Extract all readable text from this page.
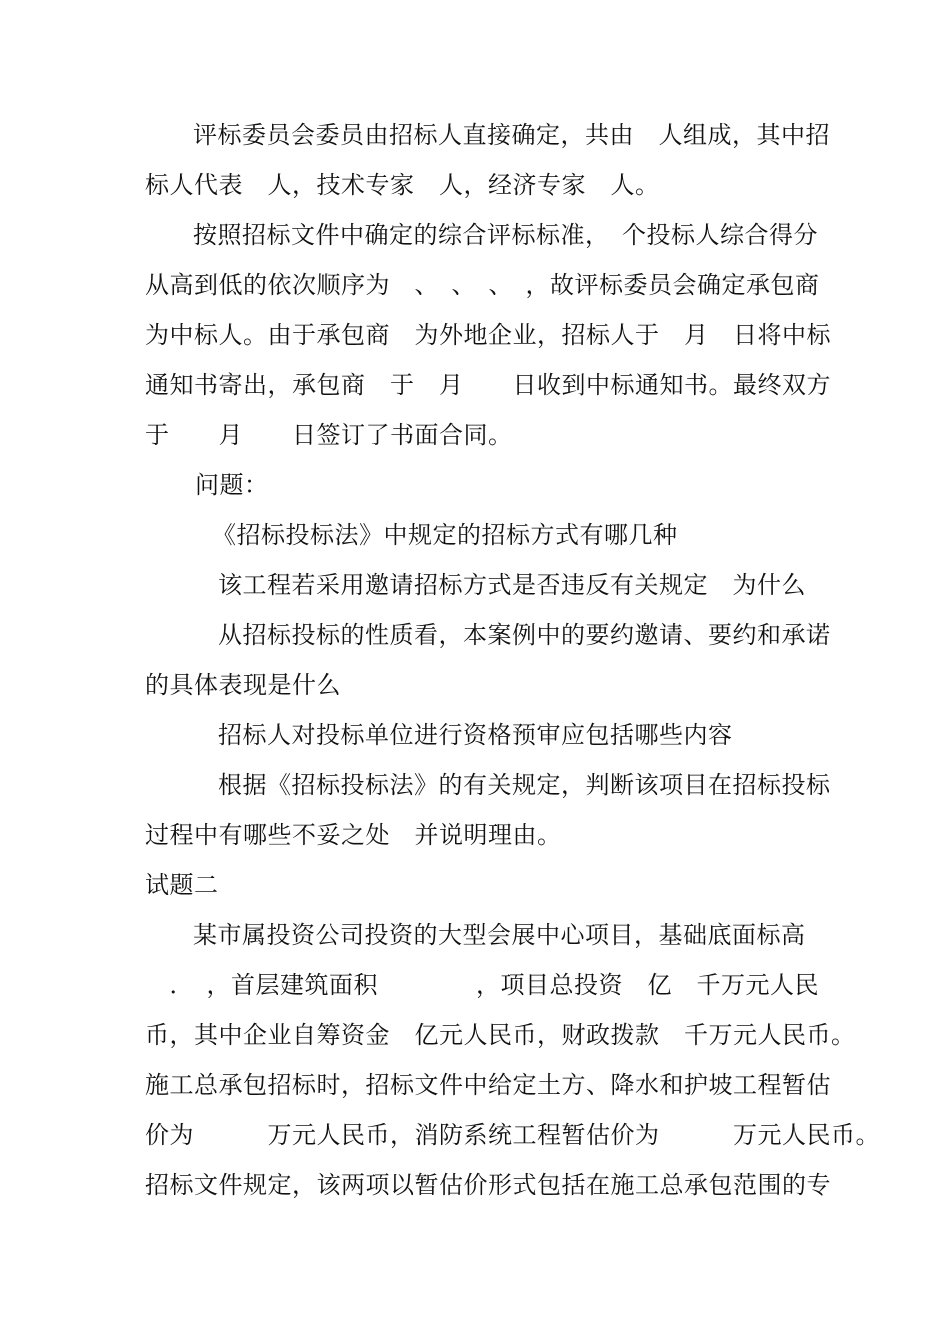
评标委员会委员由招标人直接确定，共由　人组成，其中招

标人代表　人，技术专家　人，经济专家　人。

按照招标文件中确定的综合评标标准，　个投标人综合得分

从高到低的依次顺序为　、　、　、　，故评标委员会确定承包商

为中标人。由于承包商　为外地企业，招标人于　月　日将中标

通知书寄出，承包商　于　月　　日收到中标通知书。最终双方

于　　月　　日签订了书面合同。

问题：

《招标投标法》中规定的招标方式有哪几种

该工程若采用邀请招标方式是否违反有关规定　为什么

从招标投标的性质看，本案例中的要约邀请、要约和承诺

的具体表现是什么

招标人对投标单位进行资格预审应包括哪些内容

根据《招标投标法》的有关规定，判断该项目在招标投标

过程中有哪些不妥之处　并说明理由。

试题二

某市属投资公司投资的大型会展中心项目，基础底面标高

　．　，首层建筑面积　　　　，项目总投资　亿　千万元人民

币，其中企业自筹资金　亿元人民币，财政拨款　千万元人民币。

施工总承包招标时，招标文件中给定土方、降水和护坡工程暂估

价为　　　万元人民币，消防系统工程暂估价为　　　万元人民币。

招标文件规定，该两项以暂估价形式包括在施工总承包范围的专
